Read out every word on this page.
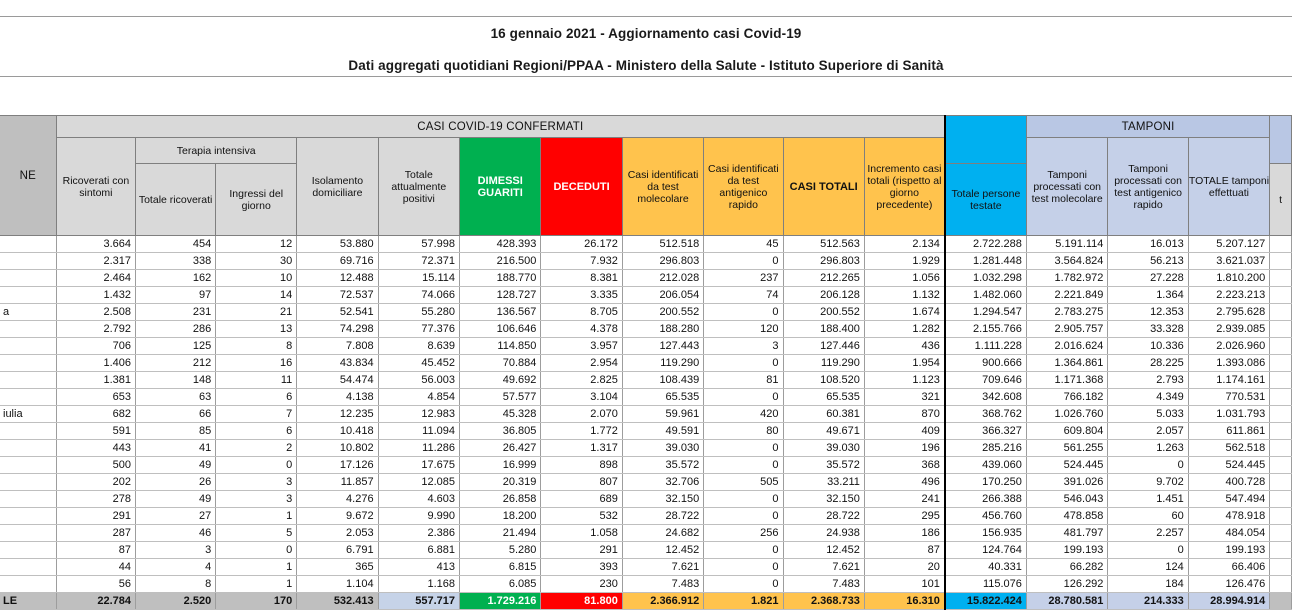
16 gennaio 2021 - Aggiornamento casi Covid-19
Dati aggregati quotidiani Regioni/PPAA - Ministero della Salute - Istituto Superiore di Sanità
NE	CASI COVID-19 CONFERMATI												TAMPONI			
	Ricoverati con sintomi	Terapia intensiva		Isolamento domiciliare	Totale attualmente positivi	DIMESSI GUARITI	DECEDUTI	Casi identificati da test molecolare	Casi identificati da test antigenico rapido	CASI TOTALI	Incremento casi totali (rispetto al giorno precedente)		Tamponi processati con test molecolare	Tamponi processati con test antigenico rapido	TOTALE tamponi effettuati	
		Totale ricoverati	Ingressi del giorno									Totale persone testate				t
	3.664	454	12	53.880	57.998	428.393	26.172	512.518	45	512.563	2.134	2.722.288	5.191.114	16.013	5.207.127	
	2.317	338	30	69.716	72.371	216.500	7.932	296.803	0	296.803	1.929	1.281.448	3.564.824	56.213	3.621.037	
	2.464	162	10	12.488	15.114	188.770	8.381	212.028	237	212.265	1.056	1.032.298	1.782.972	27.228	1.810.200	
	1.432	97	14	72.537	74.066	128.727	3.335	206.054	74	206.128	1.132	1.482.060	2.221.849	1.364	2.223.213	
a	2.508	231	21	52.541	55.280	136.567	8.705	200.552	0	200.552	1.674	1.294.547	2.783.275	12.353	2.795.628	
	2.792	286	13	74.298	77.376	106.646	4.378	188.280	120	188.400	1.282	2.155.766	2.905.757	33.328	2.939.085	
	706	125	8	7.808	8.639	114.850	3.957	127.443	3	127.446	436	1.111.228	2.016.624	10.336	2.026.960	
	1.406	212	16	43.834	45.452	70.884	2.954	119.290	0	119.290	1.954	900.666	1.364.861	28.225	1.393.086	
	1.381	148	11	54.474	56.003	49.692	2.825	108.439	81	108.520	1.123	709.646	1.171.368	2.793	1.174.161	
	653	63	6	4.138	4.854	57.577	3.104	65.535	0	65.535	321	342.608	766.182	4.349	770.531	
iulia	682	66	7	12.235	12.983	45.328	2.070	59.961	420	60.381	870	368.762	1.026.760	5.033	1.031.793	
	591	85	6	10.418	11.094	36.805	1.772	49.591	80	49.671	409	366.327	609.804	2.057	611.861	
	443	41	2	10.802	11.286	26.427	1.317	39.030	0	39.030	196	285.216	561.255	1.263	562.518	
	500	49	0	17.126	17.675	16.999	898	35.572	0	35.572	368	439.060	524.445	0	524.445	
	202	26	3	11.857	12.085	20.319	807	32.706	505	33.211	496	170.250	391.026	9.702	400.728	
	278	49	3	4.276	4.603	26.858	689	32.150	0	32.150	241	266.388	546.043	1.451	547.494	
	291	27	1	9.672	9.990	18.200	532	28.722	0	28.722	295	456.760	478.858	60	478.918	
	287	46	5	2.053	2.386	21.494	1.058	24.682	256	24.938	186	156.935	481.797	2.257	484.054	
	87	3	0	6.791	6.881	5.280	291	12.452	0	12.452	87	124.764	199.193	0	199.193	
	44	4	1	365	413	6.815	393	7.621	0	7.621	20	40.331	66.282	124	66.406	
	56	8	1	1.104	1.168	6.085	230	7.483	0	7.483	101	115.076	126.292	184	126.476	
LE	22.784	2.520	170	532.413	557.717	1.729.216	81.800	2.366.912	1.821	2.368.733	16.310	15.822.424	28.780.581	214.333	28.994.914	
